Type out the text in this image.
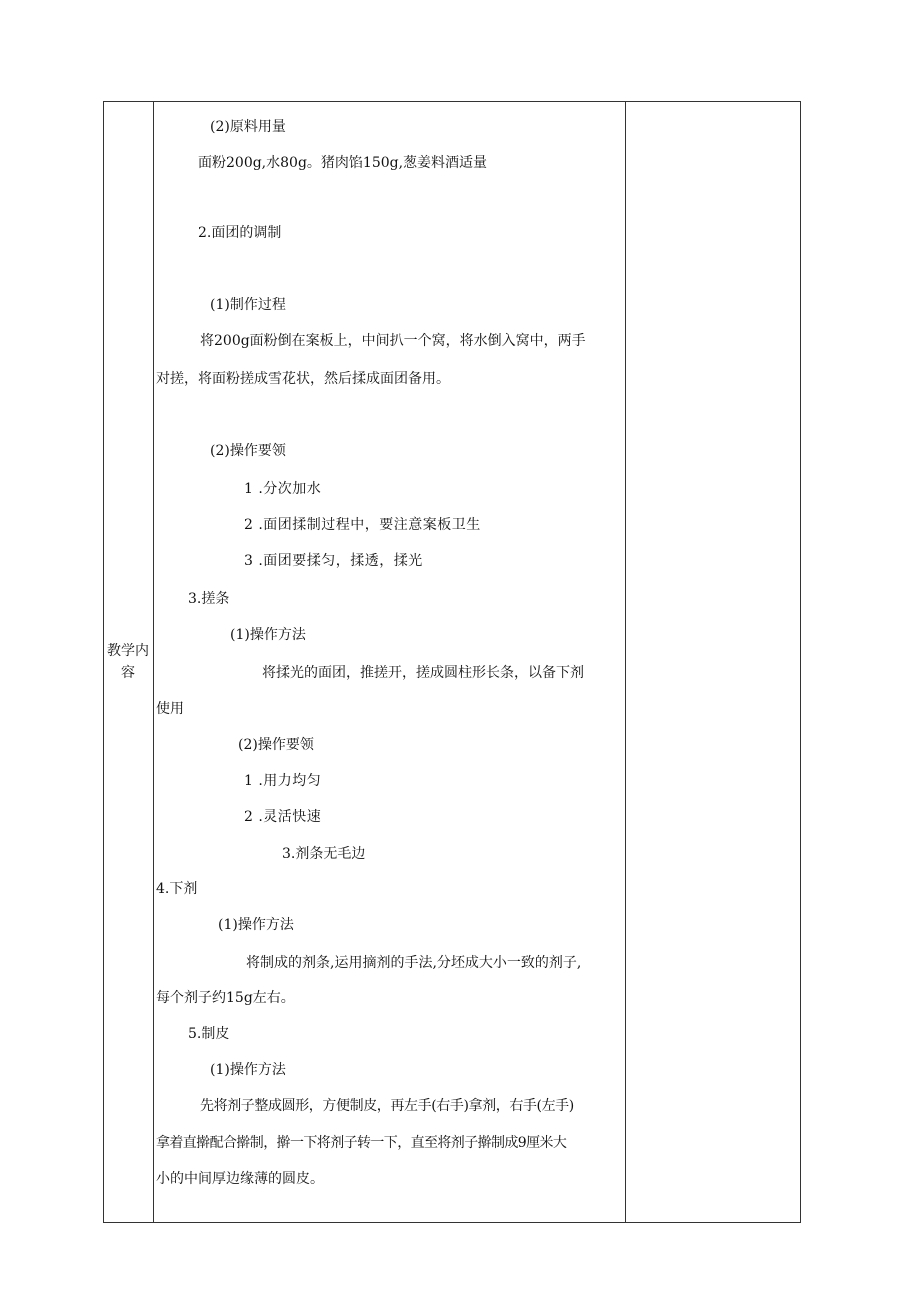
教学内容
(2)原料用量
面粉200g,水80g。猪肉馅150g,葱姜料酒适量
2.面团的调制
(1)制作过程
将200g面粉倒在案板上，中间扒一个窝，将水倒入窝中，两手
对搓，将面粉搓成雪花状，然后揉成面团备用。
(2)操作要领
1 .分次加水
2 .面团揉制过程中，要注意案板卫生
3 .面团要揉匀，揉透，揉光
3.搓条
(1)操作方法
将揉光的面团，推搓开，搓成圆柱形长条，以备下剂
使用
(2)操作要领
1 .用力均匀
2 .灵活快速
3.剂条无毛边
4.下剂
(1)操作方法
将制成的剂条,运用摘剂的手法,分坯成大小一致的剂子,
每个剂子约15g左右。
5.制皮
(1)操作方法
先将剂子整成圆形，方便制皮，再左手(右手)拿剂，右手(左手)
拿着直擀配合擀制，擀一下将剂子转一下，直至将剂子擀制成9厘米大
小的中间厚边缘薄的圆皮。
